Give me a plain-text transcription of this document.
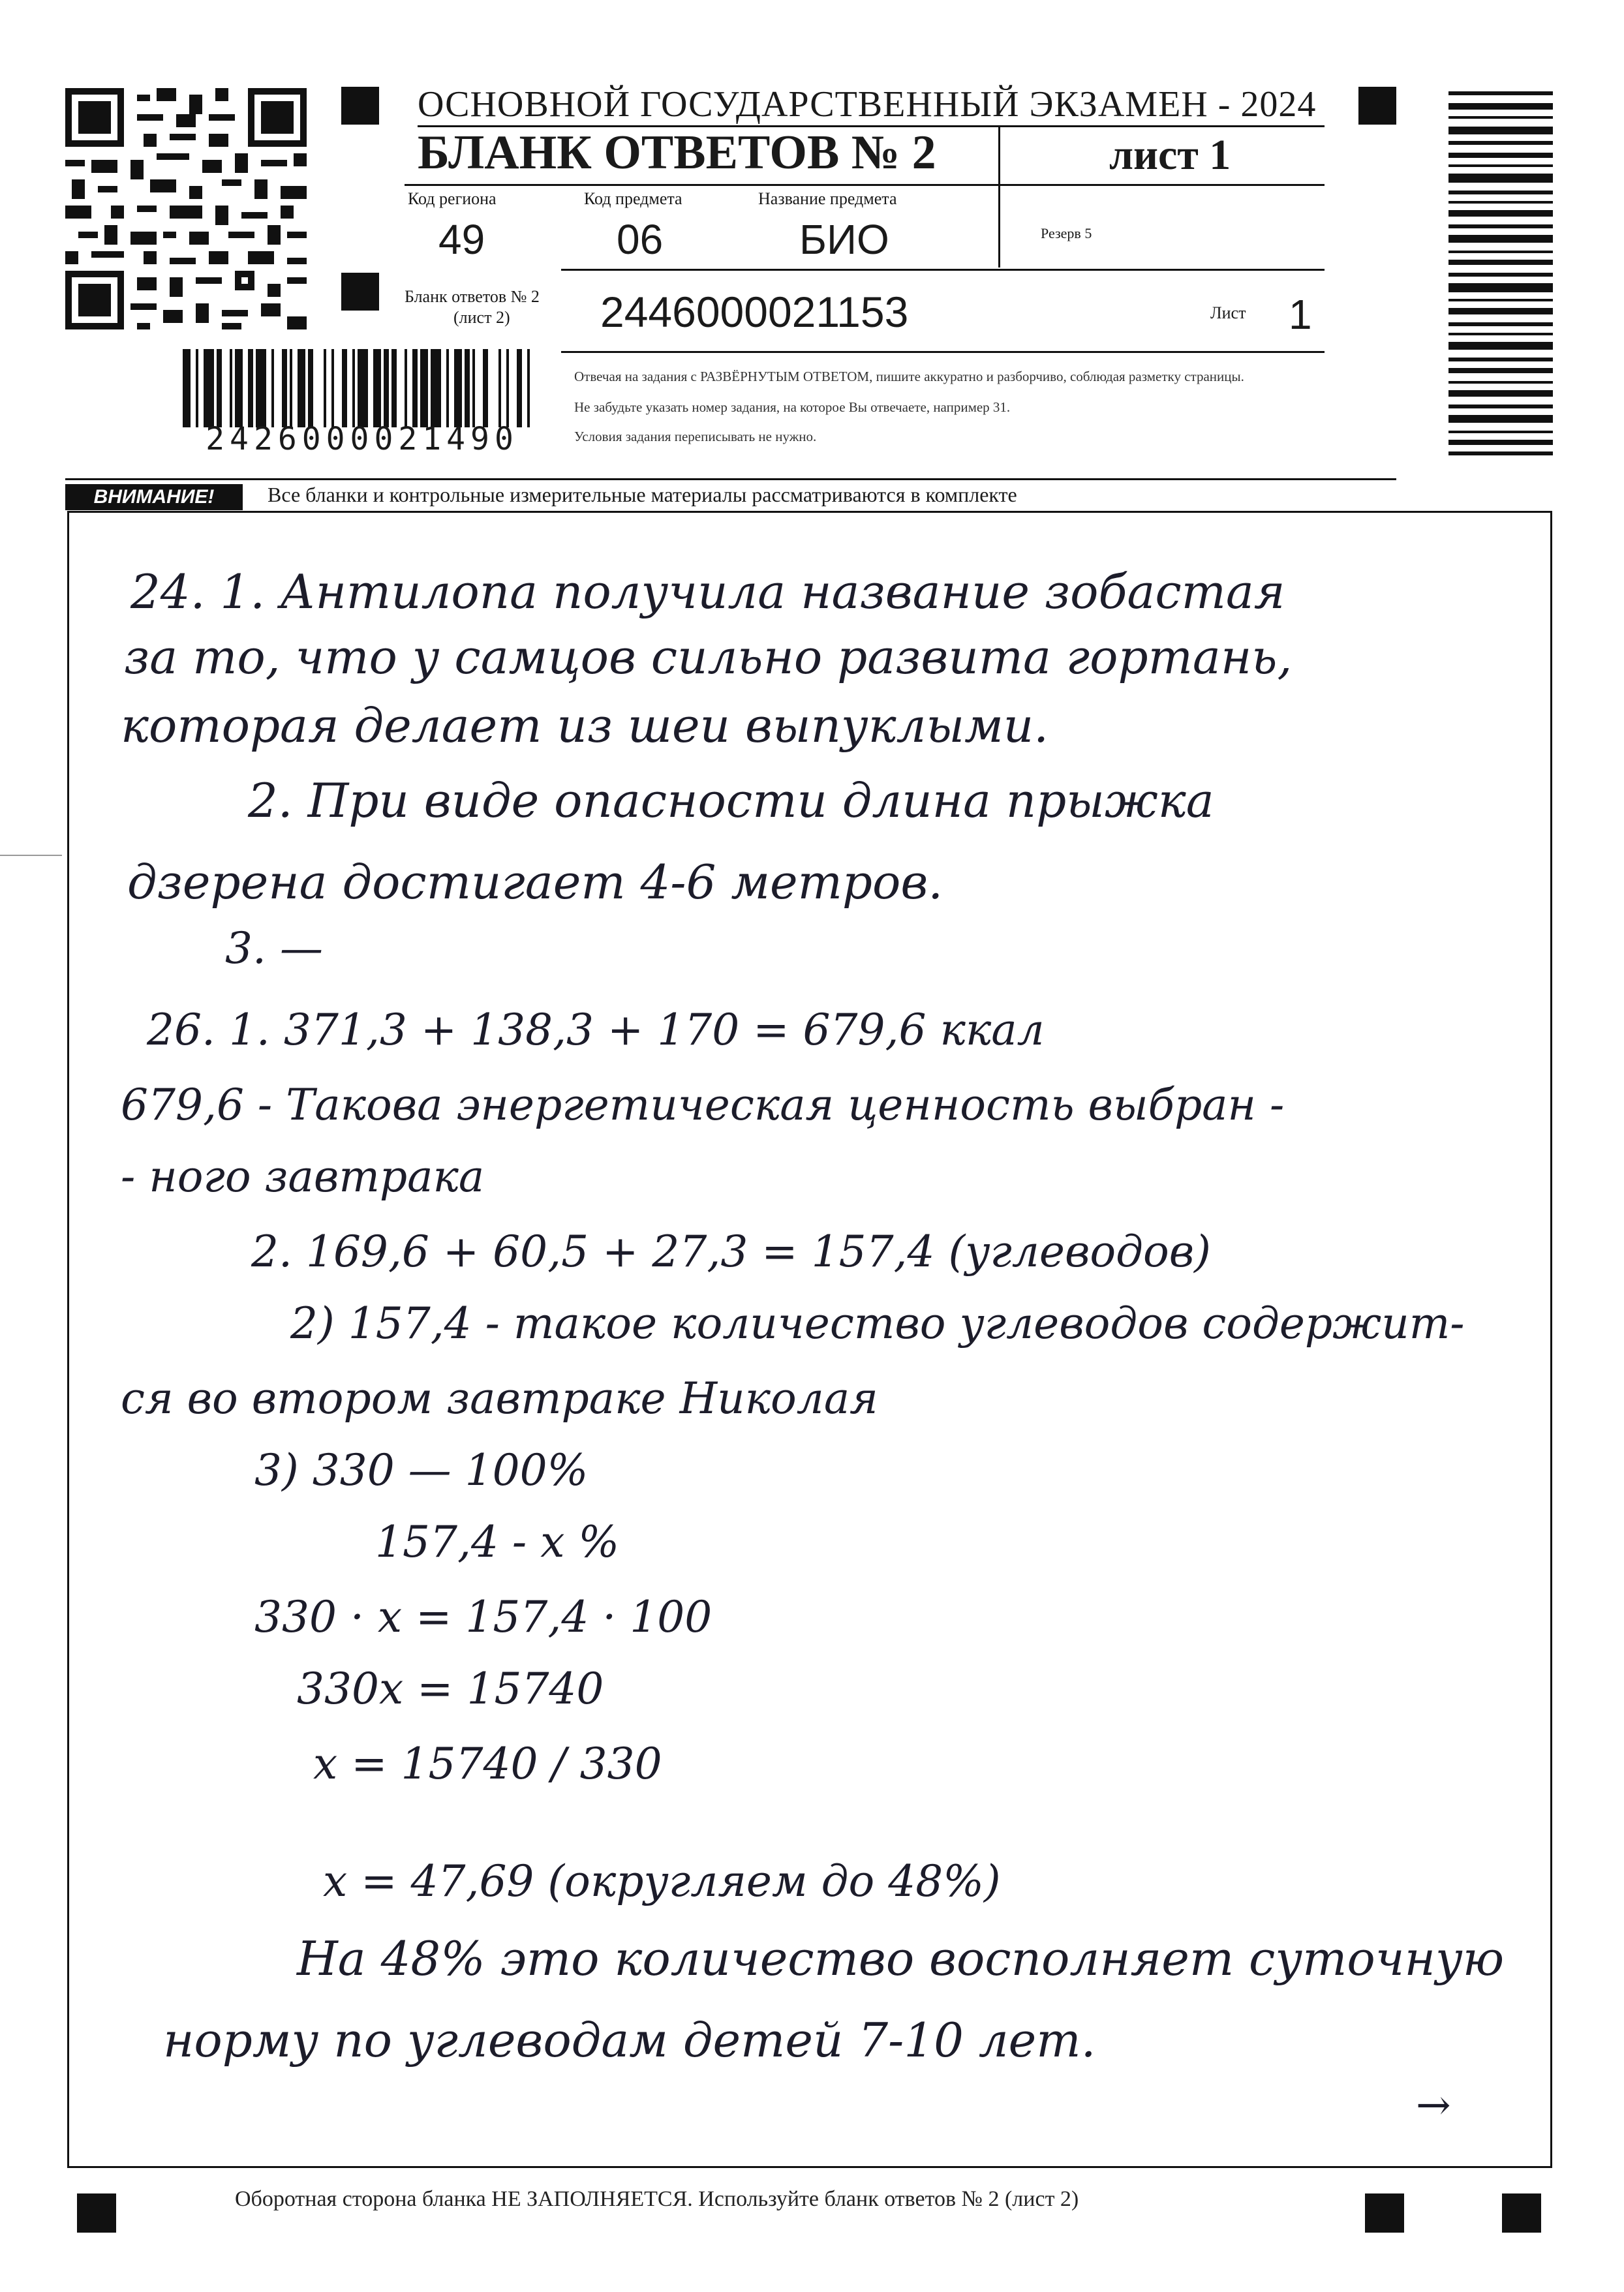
2426000021490
ОСНОВНОЙ ГОСУДАРСТВЕННЫЙ ЭКЗАМЕН - 2024
БЛАНК ОТВЕТОВ № 2	лист 1
Код региона
49
Код предмета
06
Название предмета
БИО	Резерв 5
Бланк ответов № 2
(лист 2) 2446000021153	Лист 1
Отвечая на задания с РАЗВЁРНУТЫМ ОТВЕТОМ, пишите аккуратно и разборчиво, соблюдая разметку страницы.
Не забудьте указать номер задания, на которое Вы отвечаете, например 31.
Условия задания переписывать не нужно.
ВНИМАНИЕ!	Все бланки и контрольные измерительные материалы рассматриваются в комплекте
24. 1. Антилопа получила название зобастая
за то, что у самцов сильно развита гортань,
которая делает из шеи выпуклыми.
2. При виде опасности длина прыжка
дзерена достигает 4-6 метров.
3. —
26. 1. 371,3 + 138,3 + 170 = 679,6 ккал
679,6 - Такова энергетическая ценность выбран -
- ного завтрака
2. 169,6 + 60,5 + 27,3 = 157,4 (углеводов)
2) 157,4 - такое количество углеводов содержит-
ся во втором завтраке Николая
3) 330 — 100%
157,4 - x %
330 · x = 157,4 · 100
330x = 15740
x = 15740 / 330
x = 47,69 (округляем до 48%)
На 48% это количество восполняет суточную
норму по углеводам детей 7-10 лет.
→
Оборотная сторона бланка НЕ ЗАПОЛНЯЕТСЯ. Используйте бланк ответов № 2 (лист 2)
